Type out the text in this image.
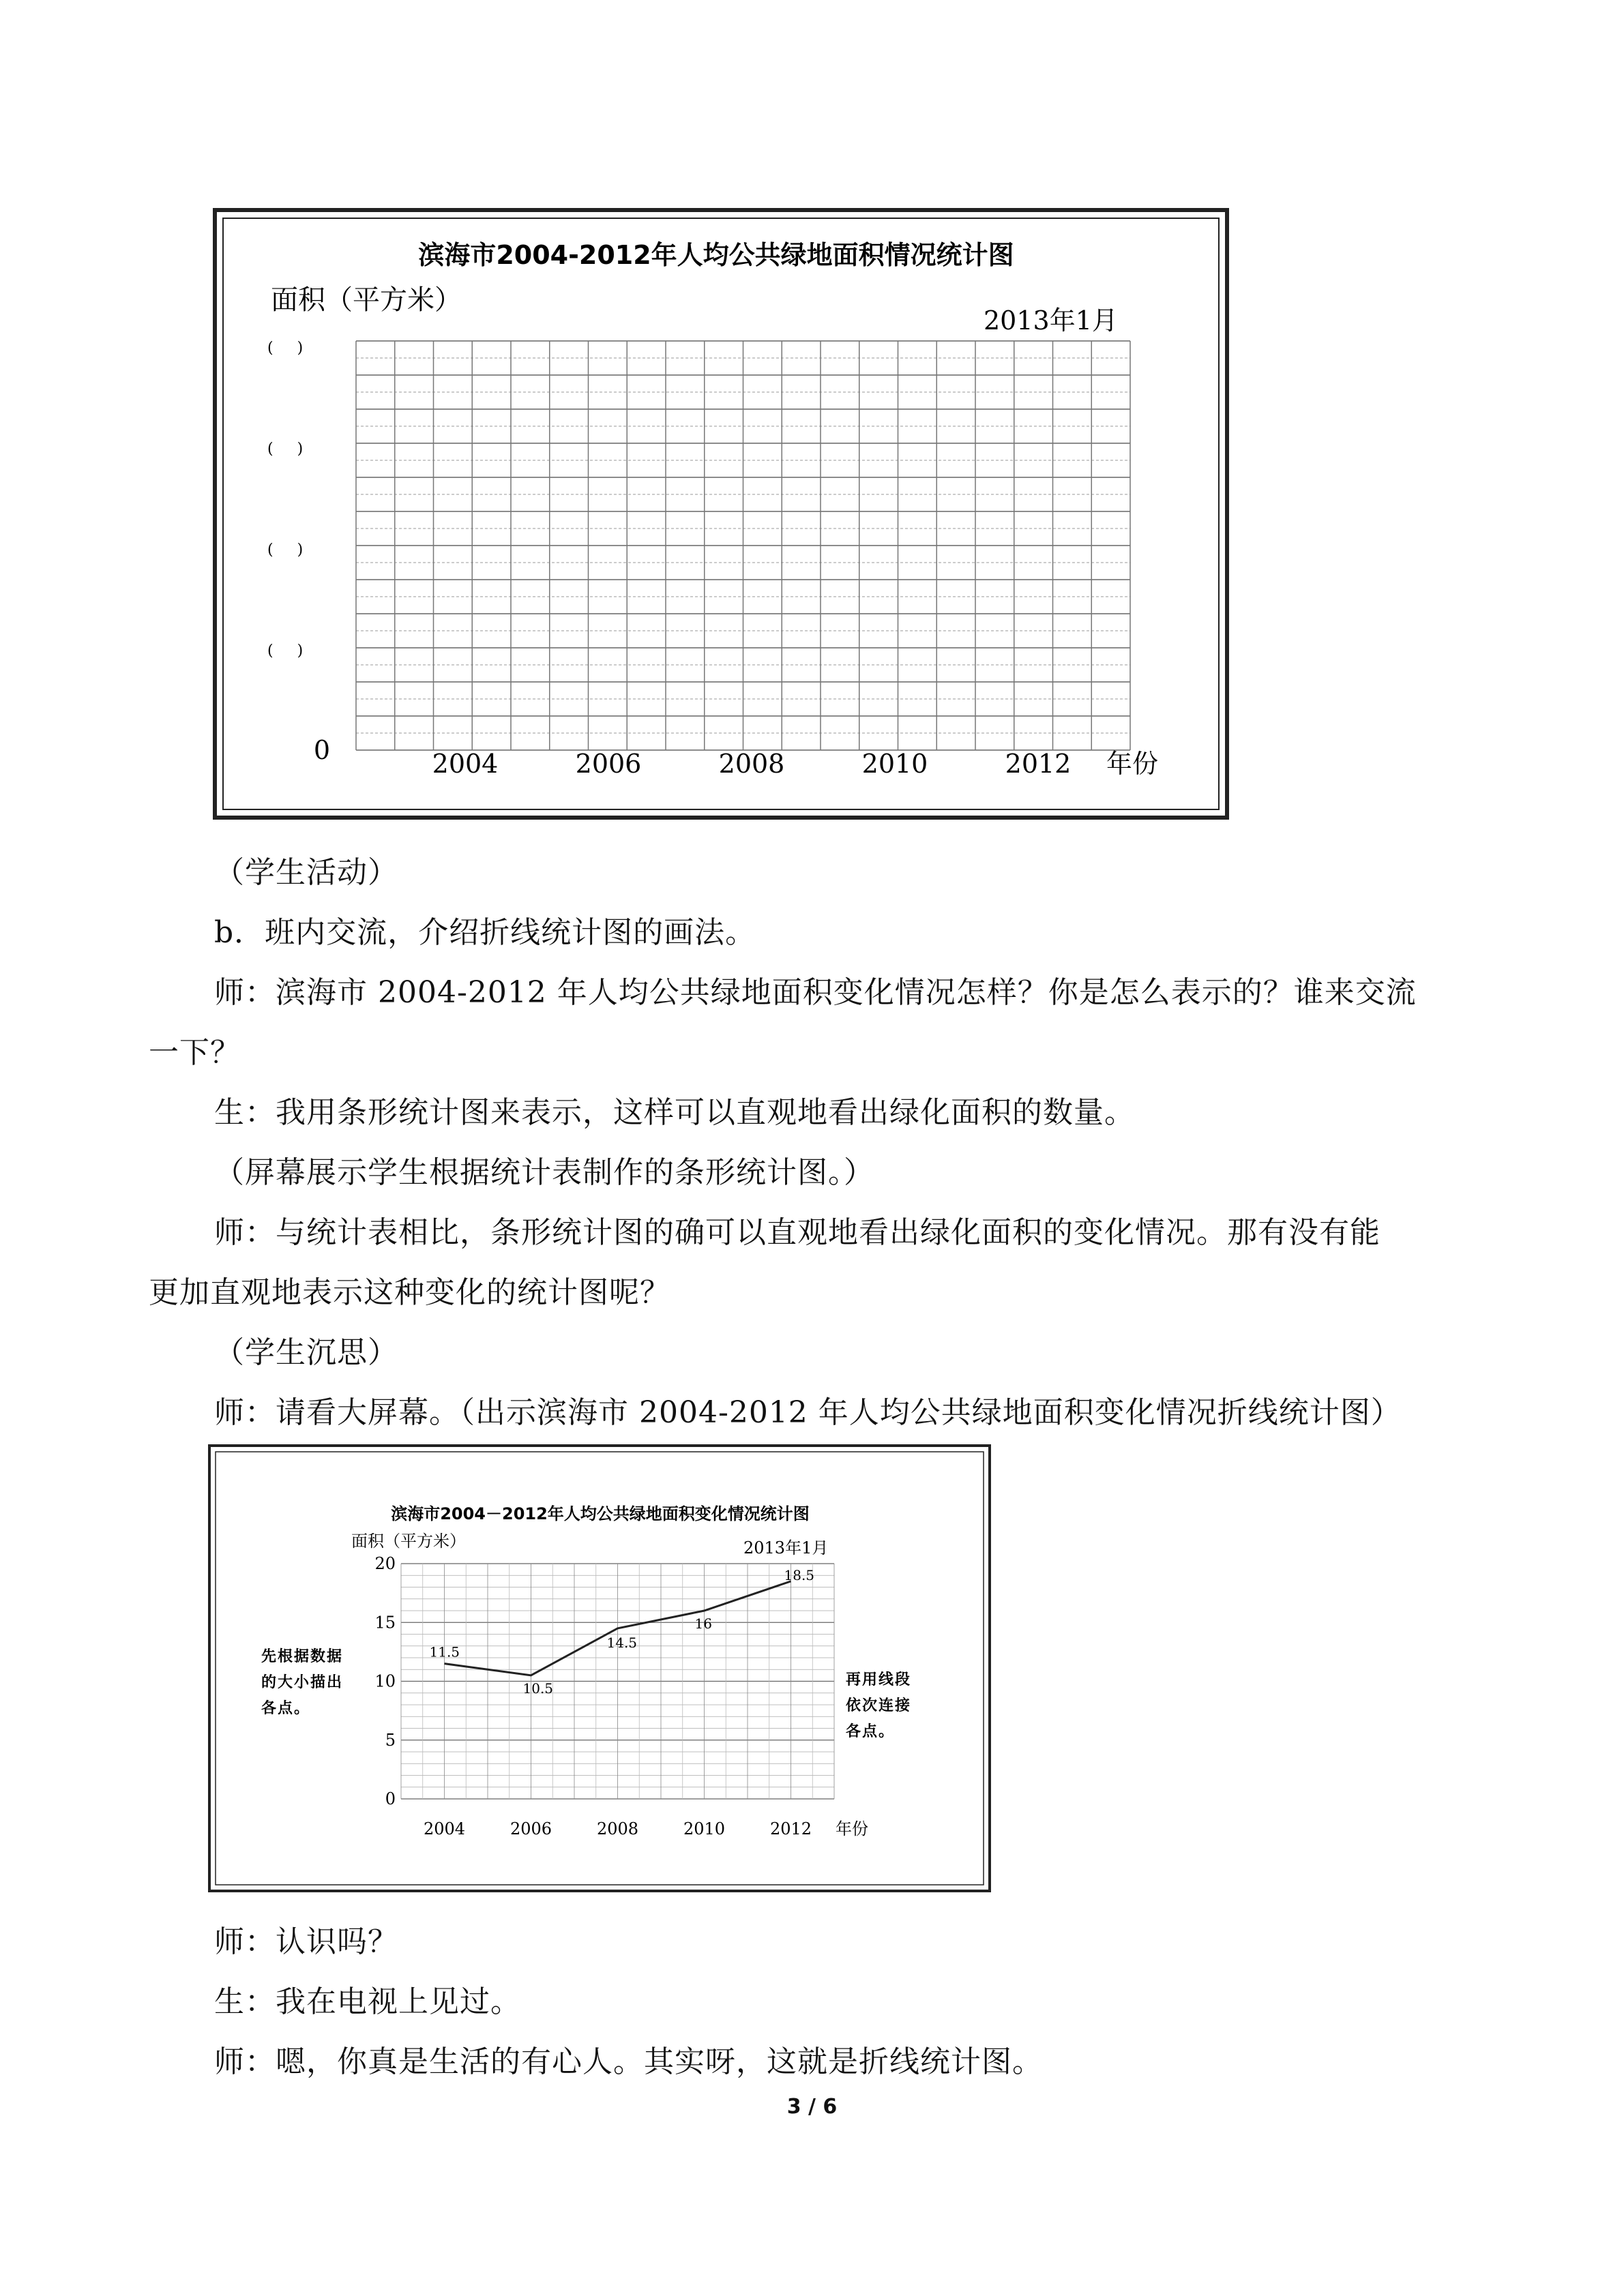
滨海市2004-2012年人均公共绿地面积情况统计图
面积（平方米）
2013年1月
( )
( )
( )
( )
0	2004	2006	2008	2010	2012 年份
（学生活动）
b．班内交流，介绍折线统计图的画法。
师：滨海市 2004-2012 年人均公共绿地面积变化情况怎样？你是怎么表示的？谁来交流
一下？
生：我用条形统计图来表示，这样可以直观地看出绿化面积的数量。
（屏幕展示学生根据统计表制作的条形统计图。）
师：与统计表相比，条形统计图的确可以直观地看出绿化面积的变化情况。那有没有能
更加直观地表示这种变化的统计图呢？
（学生沉思）
师：请看大屏幕。（出示滨海市 2004-2012 年人均公共绿地面积变化情况折线统计图）
滨海市2004－2012年人均公共绿地面积变化情况统计图
面积（平方米）	2013年1月
0
5
10
15
20
2004	2006	2008	2010	2012 年份
11.5
10.5
14.5
16
18.5
先根据数据
的大小描出
各点。
再用线段
依次连接
各点。
师：认识吗？
生：我在电视上见过。
师：嗯，你真是生活的有心人。其实呀，这就是折线统计图。
3 / 6
